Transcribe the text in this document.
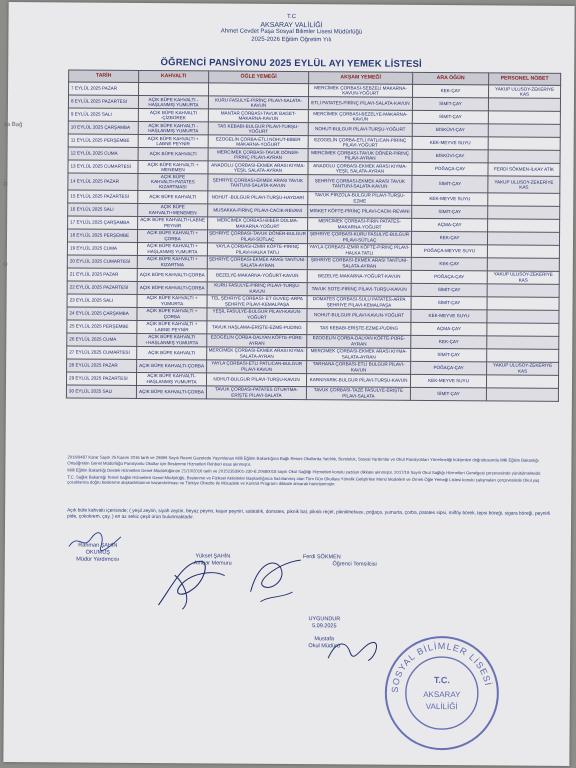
sa Bağ
D
O
T.C
AKSARAY VALİLİĞİ
Ahmet Cevdet Paşa Sosyal Bilimler Lisesi Müdürlüğü
2025-2026 Eğitim Öğretim Yılı
ÖĞRENCİ PANSİYONU 2025 EYLÜL AYI YEMEK LİSTESİ
TARİH	KAHVALTI	ÖĞLE YEMEĞİ	AKŞAM YEMEĞİ	ARA ÖĞÜN	PERSONEL NÖBET
7 EYLÜL 2025 PAZAR			MERCİMEK ÇORBASI-SEBZELİ MAKARNA-KAVUN-YOĞURT	KEK-ÇAY	YAKUP ULUSOY-ZEKERİYE KAS
8 EYLÜL 2025 PAZARTESİ	AÇIK BÜFE KAHVALTI -HAŞLANMIŞ YUMURTA	KURU FASULYE-PİRİNÇ PİLAVI-SALATA-KAVUN	ETLİ PATATES-PİRİNÇ PİLAVI-SALATA-KAVUN	SİMİT-ÇAY	
9 EYLÜL 2025 SALI	AÇIK BÜFE KAHVALTI -ÇİZBOREK	MANTAR ÇORBASI-TAVUK BAGET-MAKARNA-KAVUN	MERCİMEK ÇORBASI-BEZELYE-MAKARNA-KAVUN	SİMİT-ÇAY	
10 EYLÜL 2025 ÇARŞAMBA	AÇIK BÜFE KAHVALTI -HAŞLANMIŞ YUMURTA	TAS KEBABI-BULGUR PİLAVI-TURŞU-YOĞURT	NOHUT-BULGUR PİLAVI-TURŞU-YOĞURT	BİSKÜVİ-ÇAY	
11 EYLÜL 2025 PERŞEMBE	AÇIK BÜFE KAHVALTI + LABNE PEYNİR	EZOGELİN ÇORBA-ETLİ NOHUT-BİBER MAKARNA-YOĞURT	EZOGELİN ÇORBA-ETLİ PATLICAN-PİRİNÇ PİLAVI-YOĞURT	KEK-MEYVE SUYU	
12 EYLÜL 2025 CUMA	AÇIK BÜFE KAHVALTI	MERCİMEK ÇORBASI-TAVUK DÖNER-PİRİNÇ PİLAVI-AYRAN	MERCİMEK ÇORBASI-TAVUK DÖNER-PİRİNÇ PİLAVI-AYRAN	BİSKÜVİ-ÇAY	
13 EYLÜL 2025 CUMARTESİ	AÇIK BÜFE KAHVALTI + MENEMEN	ANADOLU ÇORBASI-EKMEK ARASI KIYMA-YEŞİL SALATA-AYRAN	ANADOLU ÇORBASI-EKMEK ARASI KIYMA-YEŞİL SALATA-AYRAN	POĞAÇA-ÇAY	FERDİ SÖKMEN-İLKAY ATİK
14 EYLÜL 2025 PAZAR	AÇIK BÜFE KAHVALTI+PATATES KIZARTMASI	ŞEHRİYE ÇORBASI-EKMEK ARASI TAVUK TANTUNİ-SALATA-KAVUN	ŞEHRİYE ÇORBASI-EKMEK ARASI TAVUK TANTUNİ-SALATA-KAVUN	SİMİT-ÇAY	YAKUP ULUSOY-ZEKERİYE KAS
15 EYLÜL 2025 PAZARTESİ	AÇIK BÜFE KAHVALTI	NOHUT -BULGUR PİLAVI-TURŞU-HAYDARİ	TAVUK PİRZOLA-BULGUR PİLAVI-TURŞU-EZME	KEK-MEYVE SUYU	
16 EYLÜL 2025 SALI	AÇIK BÜFE KAHVALTI+MENEMEN	MUSAKKA-PİRİNÇ PİLAVI-CACIK-REVANİ	MİSKET KÖFTE-PİRİNÇ PİLAVI-CACIK-REVANİ	SİMİT-ÇAY	
17 EYLÜL 2025 ÇARŞAMBA	AÇIK BÜFE KAHVALTI+LABNE PEYNİR	MERCİMEK ÇORBASI-BİBER DOLMA-MAKARNA-YOĞURT	MERCİMEK ÇORBASI-FIRIN PATATES-MAKARNA-YOĞURT	AÇMA-ÇAY	
18 EYLÜL 2025 PERŞEMBE	AÇIK BÜFE KAHVALTI + ÇORBA	ŞEHRİYE ÇORBASI-TAVUK DÖNER-BULGUR PİLAVI-SÜTLAÇ	ŞEHRİYE ÇORBASI-KURU FASULYE-BULGUR PİLAVI-SÜTLAÇ	KEK-ÇAY	
19 EYLÜL 2025 CUMA	AÇIK BÜFE KAHVALTI + HAŞLANMIŞ YUMURTA	YAYLA ÇORBASI-İZMİR KÖFTE-PİRİNÇ PİLAVI-HALKA TATLI	YAYLA ÇORBASI-İZMİR KÖFTE-PİRİNÇ PİLAVI-HALKA TATLI	POĞAÇA-MEYVE SUYU	
20 EYLÜL 2025 CUMARTESİ	AÇIK BÜFE KAHVALTI + KIZARTMA	ŞEHRİYE ÇORBASI-EKMEK ARASI TANTUNİ-SALATA-AYRAN	ŞEHRİYE ÇORBASI-EKMEK ARASI TANTUNİ-SALATA-AYRAN	KEK-ÇAY	
21 EYLÜL 2025 PAZAR	AÇIK BÜFE KAHVALTI-ÇORBA	BEZELYE-MAKARNA-YOĞURT-KAVUN	BEZELYE-MAKARNA-YOĞURT-KAVUN	POĞAÇA-ÇAY	YAKUP ULUSOY-ZEKERİYE KAS
22 EYLÜL 2025 PAZARTESİ	AÇIK BÜFE KAHVALTI-ÇORBA	KURU FASULYE-PİRİNÇ PİLAVI-TURŞU-KAVUN	TAVUK SOTE-PİRİNÇ PİLAVI-TURŞU-KAVUN	SİMİT-ÇAY	
23 EYLÜL 2025 SALI	AÇIK BÜFE KAHVALTI + YUMURTA	TEL ŞEHRİYE ÇORBASI- ET GUVEÇ-ARPA ŞEHRİYE PİLAVI-KEMALPAŞA	DOMATES ÇORBASI-SULU PATATES-ARPA ŞEHRİYE PİLAVI-KEMALPAŞA	SİMİT-ÇAY	
24 EYLÜL 2025 ÇARŞAMBA	AÇIK BÜFE KAHVALTI + ÇORBA	YEŞİL FASULYE-BULGUR PİLAVI-KAVUN-YOĞURT	NOHUT-BULGUR PİLAVI-KAVUN-YOĞURT	KEK-MEYVE SUYU	
25 EYLÜL 2025 PERŞEMBE	AÇIK BÜFE KAHVALTI + LABNE PEYNİR	TAVUK HAŞLAMA-ERİŞTE-EZME-PUDİNG	TAS KEBABI-ERİŞTE-EZME-PUDİNG	AÇMA-ÇAY	
26 EYLÜL 2025 CUMA	AÇIK BÜFE KAHVALTI +HAŞLANMIŞ YUMURTA	EZOGELİN ÇORBA-DALYAN KÖFTE-PÜRE-AYRAN	EZOGELİN ÇORBA-DALYAN KÖFTE-PÜRE-AYRAN	KEK-ÇAY	
27 EYLÜL 2025 CUMARTESİ	AÇIK BÜFE KAHVALTI	MERCİMEK ÇORBASI-EKMEK ARASI KIYMA-SALATA-AYRAN	MERCİMEK ÇORBASI-EKMEK ARASI KIYMA-SALATA-AYRAN	SİMİT-ÇAY	
28 EYLÜL 2025 PAZAR	AÇIK BÜFE KAHVALTI-ÇORBA	YAYLA ÇORBASI-ETLİ PATLICAN-BULGUR PİLAVI-KAVUN	TARHANA ÇORBASI-ETLİ BULGUR PİLAVI-KAVUN	POĞAÇA-ÇAY	YAKUP ULUSOY-ZEKERİYE KAS
29 EYLÜL 2025 PAZARTESİ	AÇIK BÜFE KAHVALTI-HAŞLANMIŞ YUMURTA	NOHUT-BULGUR PİLAVI-TURŞU-KAVUN	KARNIYARIK-BULGUR PİLAVI-TURŞU-KAVUN	KEK-MEYVE SUYU	
30 EYLÜL 2025 SALI	AÇIK BÜFE KAHVALTI-ÇORBA	TAVUK ÇORBASI-PATATES OTURTMA-ERİŞTE PİLAVI-SALATA	TAVUK ÇORBASI-TAZE FASULYE-ERİŞTE PİLAVI-SALATA	SİMİT-ÇAY	

2016/9487 Karar Sayılı 25 Kasım 2016 tarih ve 29899 Sayılı Resmi Gazetede Yayımlanan Milli Eğitim Bakanlığına Bağlı Resmi Okullarda Yatılılık, Bursluluk, Sosyal Yardımlar ve Okul Pansiyonları Yönetmeliği hükümleri doğrultusunda Milli Eğitim Bakanlığı Ortaöğretim Genel Müdürlüğü Pansiyonlu Okullar için Beslenme Hizmetleri Rehberi esas alınmıştır.

Milli Eğitim Bakanlığı Destek Hizmetleri Genel Müdürlüğünün 21/10/2016 tarih ve 20152353901-230-E.20680018 sayılı Okul Sağlığı Hizmetleri konulu yazıları dikkate alınmıştır. 2017/19 Sayılı Okul Sağlığı Hizmetleri Genelgesi çerçevesinde yürütülmektedir.

T.C. Sağlık Bakanlığı Temel Sağlık Hizmetleri Genel Müdürlüğü, Beslenme ve Fiziksel Aktiviteler Başkanlığınca hazırlanmış olan Tüm Gün Okullara Yönelik Geliştirilen Menü Modelleri ve Örnek Öğle Yemeği Listesi konulu çalışmaları çerçevesinde Okul yaş çocuklarına doğru beslenme alışkanlıklarının kazandırılması ve Türkiye Obezite ile Mücadele ve Kontrol Programı dikkate alınarak hazırlanmıştır.

Açık büfe kahvaltı içerisinde; ( yeşil zeytin, siyah zeytin, beyaz peynir, kaşar peyniri, salatalık, domates, piknik bal, piknik reçel, piknikhelvası, poğaça, yumurta, çorba, patates sipsi, milföy börek, tepsi böreği, sigara böreği, peynirli pide, çokokrem, çay, ) en az sekiz çeşit ürün bulunmaktadır.
Rahman ŞAHİN
OKUMUŞ
Müdür Yardımcısı
Yüksel ŞAHİN
Ambar Memuru
Ferdi SÖKMEN
Öğrenci Temsilcisi
UYGUNDUR
5.09.2025
Mustafa
Okul Müdürü
SOSYAL BİLİMLER LİSESİ
T.C.
AKSARAY
VALİLİĞİ
